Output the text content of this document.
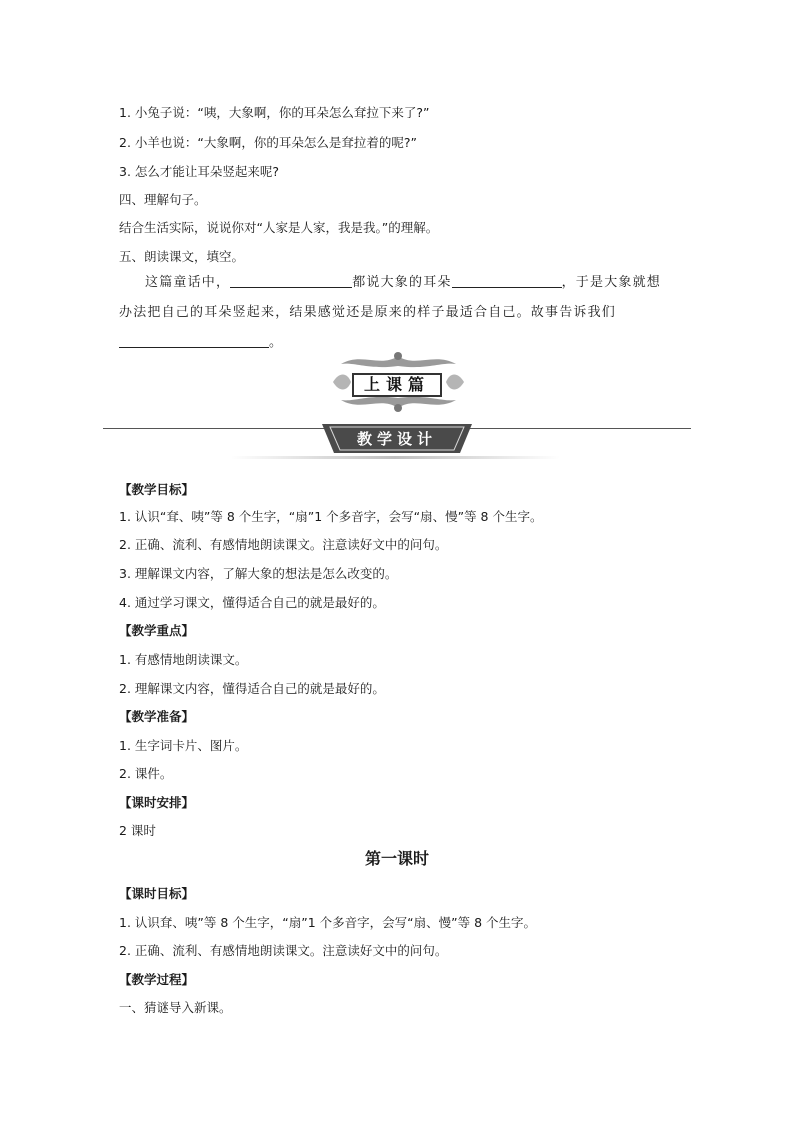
1. 小兔子说：“咦，大象啊，你的耳朵怎么耷拉下来了?”
2. 小羊也说：“大象啊，你的耳朵怎么是耷拉着的呢?”
3. 怎么才能让耳朵竖起来呢?
四、理解句子。
结合生活实际，说说你对“人家是人家，我是我。”的理解。
五、朗读课文，填空。
这篇童话中，	都说大象的耳朵	，于是大象就想办法把自己的耳朵竖起来，结果感觉还是原来的样子最适合自己。故事告诉我们。
上课篇
教学设计
【教学目标】
1. 认识“耷、咦”等 8 个生字，“扇”1 个多音字，会写“扇、慢”等 8 个生字。
2. 正确、流利、有感情地朗读课文。注意读好文中的问句。
3. 理解课文内容，了解大象的想法是怎么改变的。
4. 通过学习课文，懂得适合自己的就是最好的。
【教学重点】
1. 有感情地朗读课文。
2. 理解课文内容，懂得适合自己的就是最好的。
【教学准备】
1. 生字词卡片、图片。
2. 课件。
【课时安排】
2 课时
第一课时
【课时目标】
1. 认识耷、咦”等 8 个生字，“扇”1 个多音字，会写“扇、慢”等 8 个生字。
2. 正确、流利、有感情地朗读课文。注意读好文中的问句。
【教学过程】
一、猜谜导入新课。
